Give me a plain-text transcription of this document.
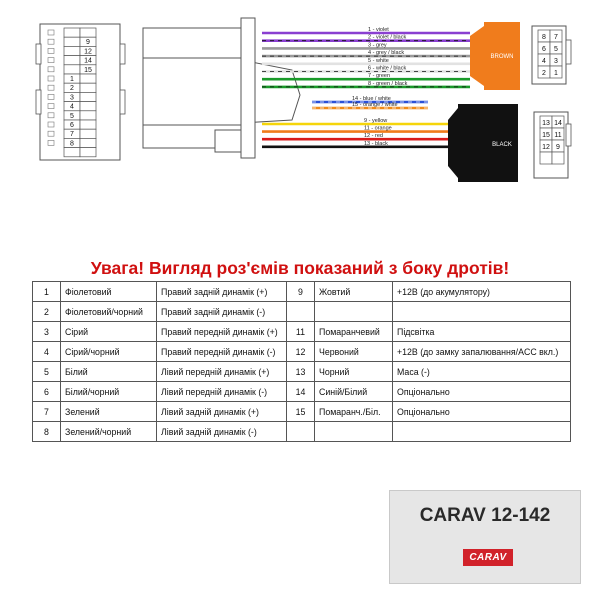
9
12
14
15
1
2
3
4
5
6
7
8
1 - violet
2 - violet / black
3 - grey
4 - grey / black
5 - white
6 - white / black
7 - green
8 - green / black
14 - blue / white
15 - orange / white
9 - yellow
11 - orange
12 - red
13 - black
BROWN
8 7
6 5
4 3
2 1
BLACK
13 14
15 11
12 9
Увага! Вигляд роз'ємів показаний з боку дротів!
1	Фіолетовий	Правий задній динамік (+)	9	Жовтий	+12В (до акумулятору)
2	Фіолетовий/чорний	Правий задній динамік (-)			
3	Сірий	Правий передній динамік (+)	11	Помаранчевий	Підсвітка
4	Сірий/чорний	Правий передній динамік (-)	12	Червоний	+12В (до замку запалювання/ACC вкл.)
5	Білий	Лівий передній динамік (+)	13	Чорний	Маса (-)
6	Білий/чорний	Лівий передній динамік (-)	14	Синій/Білий	Опціонально
7	Зелений	Лівий задній динамік (+)	15	Помаранч./Біл.	Опціонально
8	Зелений/чорний	Лівий задній динамік (-)			
CARAV 12-142
CARAV
